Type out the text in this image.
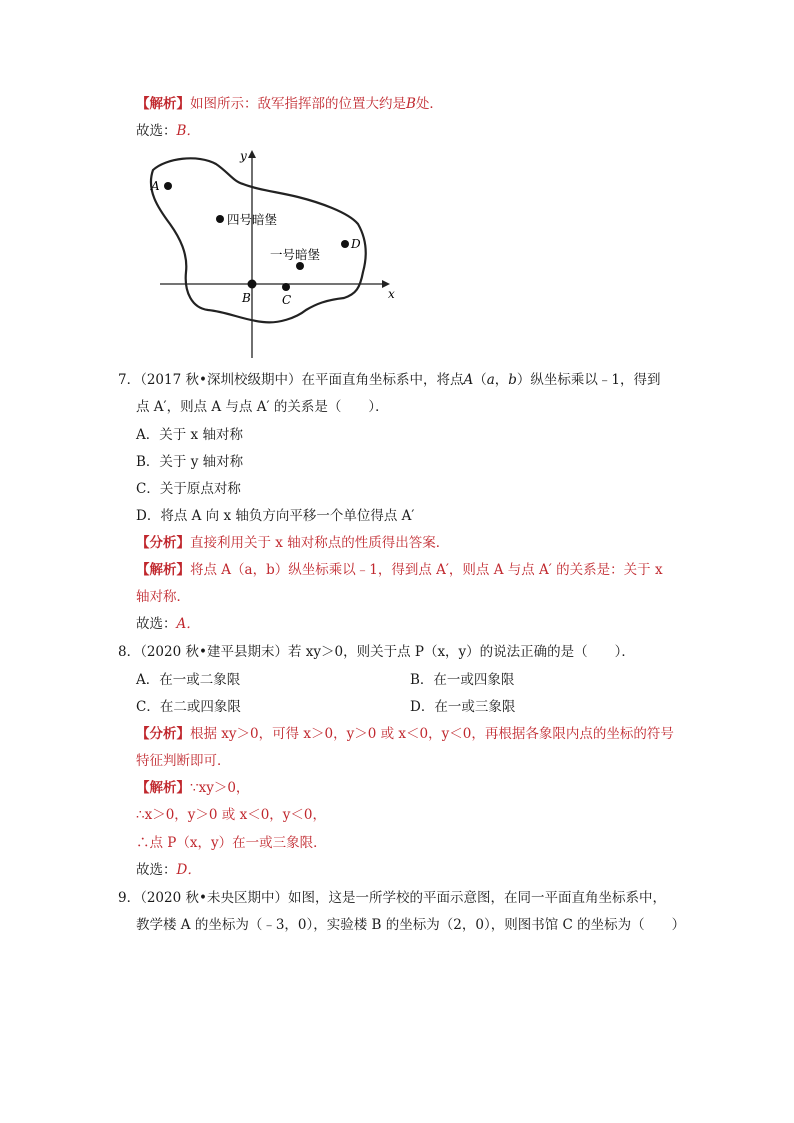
【解析】如图所示：敌军指挥部的位置大约是B处．
故选：B．
x
y
A
四号暗堡
D
一号暗堡
B	C
7．（2017 秋•深圳校级期中）在平面直角坐标系中，将点A（a，b）纵坐标乘以﹣1，得到
点 A′，则点 A 与点 A′ 的关系是（　　）．
A．关于 x 轴对称
B．关于 y 轴对称
C．关于原点对称
D．将点 A 向 x 轴负方向平移一个单位得点 A′
【分析】直接利用关于 x 轴对称点的性质得出答案．
【解析】将点 A（a，b）纵坐标乘以﹣1，得到点 A′，则点 A 与点 A′ 的关系是：关于 x
轴对称．
故选：A．
8．（2020 秋•建平县期末）若 xy＞0，则关于点 P（x，y）的说法正确的是（　　）．
A．在一或二象限	B．在一或四象限
C．在二或四象限	D．在一或三象限
【分析】根据 xy＞0，可得 x＞0，y＞0 或 x＜0，y＜0，再根据各象限内点的坐标的符号
特征判断即可．
【解析】∵xy＞0，
∴x＞0，y＞0 或 x＜0，y＜0，
∴点 P（x，y）在一或三象限．
故选：D．
9．（2020 秋•未央区期中）如图，这是一所学校的平面示意图，在同一平面直角坐标系中，
教学楼 A 的坐标为（﹣3，0），实验楼 B 的坐标为（2，0），则图书馆 C 的坐标为（　　）
